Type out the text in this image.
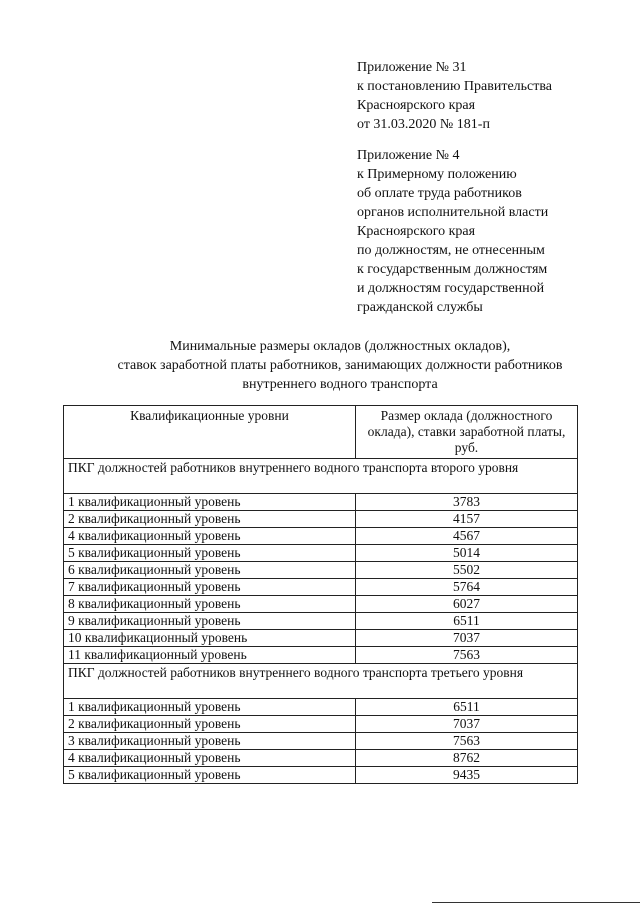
Приложение № 31
к постановлению Правительства
Красноярского края
от 31.03.2020 № 181-п
Приложение № 4
к Примерному положению
об оплате труда работников
органов исполнительной власти
Красноярского края
по должностям, не отнесенным
к государственным должностям
и должностям государственной
гражданской службы
Минимальные размеры окладов (должностных окладов),
ставок заработной платы работников, занимающих должности работников
внутреннего водного транспорта
Квалификационные уровни	Размер оклада (должностного оклада), ставки заработной платы, руб.
ПКГ должностей работников внутреннего водного транспорта второго уровня	
1 квалификационный уровень	3783
2 квалификационный уровень	4157
4 квалификационный уровень	4567
5 квалификационный уровень	5014
6 квалификационный уровень	5502
7 квалификационный уровень	5764
8 квалификационный уровень	6027
9 квалификационный уровень	6511
10 квалификационный уровень	7037
11 квалификационный уровень	7563
ПКГ должностей работников внутреннего водного транспорта третьего уровня	
1 квалификационный уровень	6511
2 квалификационный уровень	7037
3 квалификационный уровень	7563
4 квалификационный уровень	8762
5 квалификационный уровень	9435
